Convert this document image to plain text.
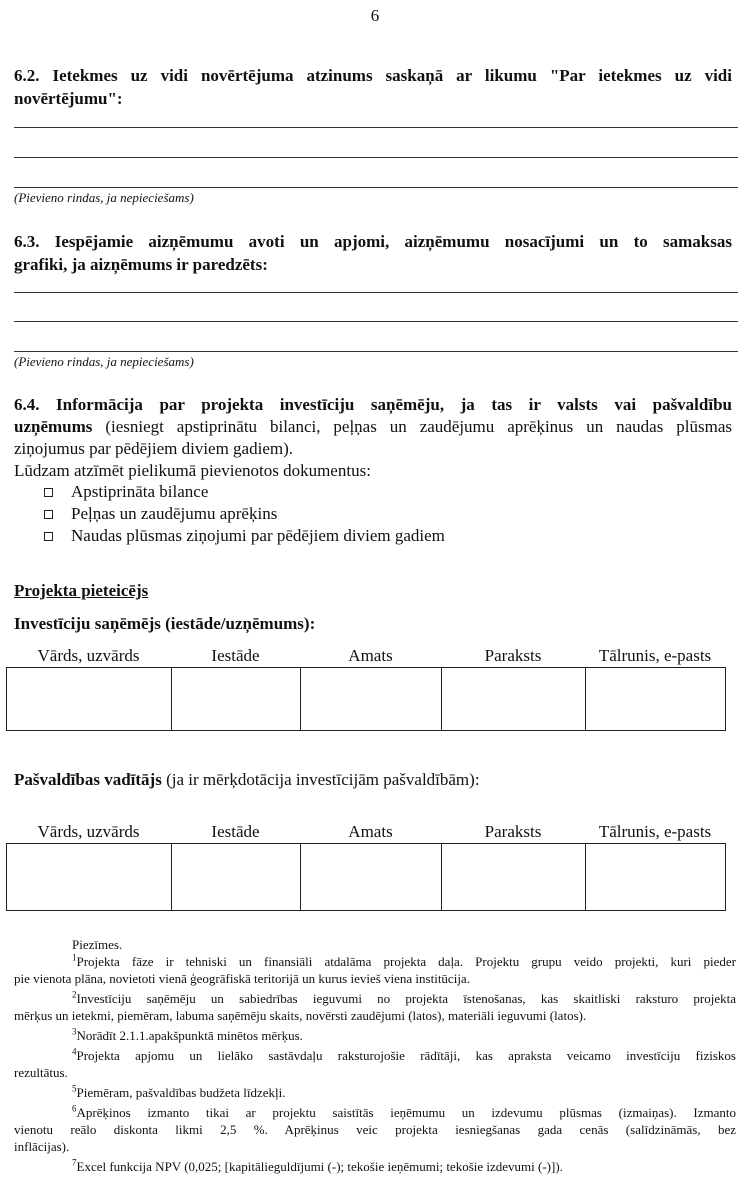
6
6.2. Ietekmes uz vidi novērtējuma atzinums saskaņā ar likumu "Par ietekmes uz vidi
novērtējumu":
(Pievieno rindas, ja nepieciešams)
6.3. Iespējamie aizņēmumu avoti un apjomi, aizņēmumu nosacījumi un to samaksas
grafiki, ja aizņēmums ir paredzēts:
(Pievieno rindas, ja nepieciešams)
6.4. Informācija par projekta investīciju saņēmēju, ja tas ir valsts vai pašvaldību
uzņēmums (iesniegt apstiprinātu bilanci, peļņas un zaudējumu aprēķinus un naudas plūsmas
ziņojumus par pēdējiem diviem gadiem).
Lūdzam atzīmēt pielikumā pievienotos dokumentus:
Apstiprināta bilance
Peļņas un zaudējumu aprēķins
Naudas plūsmas ziņojumi par pēdējiem diviem gadiem
Projekta pieteicējs
Investīciju saņēmējs (iestāde/uzņēmums):
Vārds, uzvārds	Iestāde	Amats	Paraksts	Tālrunis, e-pasts

Pašvaldības vadītājs (ja ir mērķdotācija investīcijām pašvaldībām):
Vārds, uzvārds	Iestāde	Amats	Paraksts	Tālrunis, e-pasts

Piezīmes.

$^1$Projekta fāze ir tehniski un finansiāli atdalāma projekta daļa. Projektu grupu veido projekti, kuri pieder

pie vienota plāna, novietoti vienā ģeogrāfiskā teritorijā un kurus ievieš viena institūcija.

$^2$Investīciju saņēmēju un sabiedrības ieguvumi no projekta īstenošanas, kas skaitliski raksturo projekta

mērķus un ietekmi, piemēram, labuma saņēmēju skaits, novērsti zaudējumi (latos), materiāli ieguvumi (latos).

$^3$Norādīt 2.1.1.apakšpunktā minētos mērķus.

$^4$Projekta apjomu un lielāko sastāvdaļu raksturojošie rādītāji, kas apraksta veicamo investīciju fiziskos

rezultātus.

$^5$Piemēram, pašvaldības budžeta līdzekļi.

$^6$Aprēķinos izmanto tikai ar projektu saistītās ieņēmumu un izdevumu plūsmas (izmaiņas). Izmanto

vienotu reālo diskonta likmi 2,5 %. Aprēķinus veic projekta iesniegšanas gada cenās (salīdzināmās, bez

inflācijas).

$^7$Excel funkcija NPV (0,025; [kapitālieguldījumi (-); tekošie ieņēmumi; tekošie izdevumi (-)]).
